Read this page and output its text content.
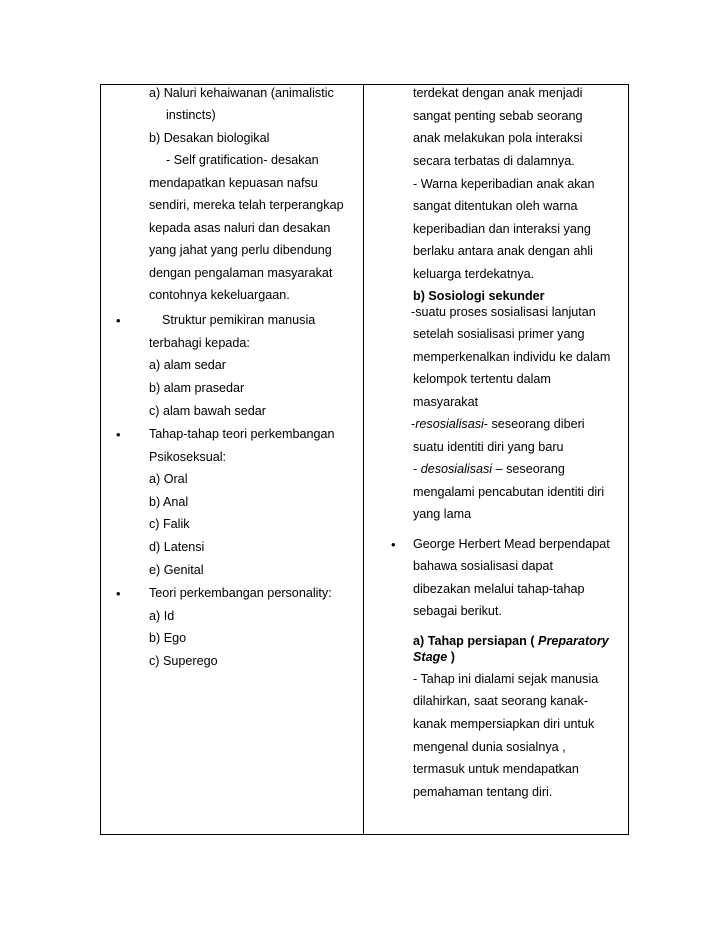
a) Naluri kehaiwanan (animalistic
instincts)
b) Desakan biologikal
- Self gratification- desakan
mendapatkan kepuasan nafsu
sendiri, mereka telah terperangkap
kepada asas naluri dan desakan
yang jahat yang perlu dibendung
dengan pengalaman masyarakat
contohnya kekeluargaan.
•	Struktur pemikiran manusia
terbahagi kepada:
a) alam sedar
b) alam prasedar
c) alam bawah sedar
• Tahap-tahap teori perkembangan
Psikoseksual:
a) Oral
b) Anal
c) Falik
d) Latensi
e) Genital
• Teori perkembangan personality:
a) Id
b) Ego
c) Superego
terdekat dengan anak menjadi
sangat penting sebab seorang
anak melakukan pola interaksi
secara terbatas di dalamnya.
- Warna keperibadian anak akan
sangat ditentukan oleh warna
keperibadian dan interaksi yang
berlaku antara anak dengan ahli
keluarga terdekatnya.
b) Sosiologi sekunder
-suatu proses sosialisasi lanjutan
setelah sosialisasi primer yang
memperkenalkan individu ke dalam
kelompok tertentu dalam
masyarakat
-resosialisasi- seseorang diberi
suatu identiti diri yang baru
- desosialisasi – seseorang
mengalami pencabutan identiti diri
yang lama
• George Herbert Mead berpendapat
bahawa sosialisasi dapat
dibezakan melalui tahap-tahap
sebagai berikut.
a) Tahap persiapan ( Preparatory
Stage )
- Tahap ini dialami sejak manusia
dilahirkan, saat seorang kanak-
kanak mempersiapkan diri untuk
mengenal dunia sosialnya ,
termasuk untuk mendapatkan
pemahaman tentang diri.
